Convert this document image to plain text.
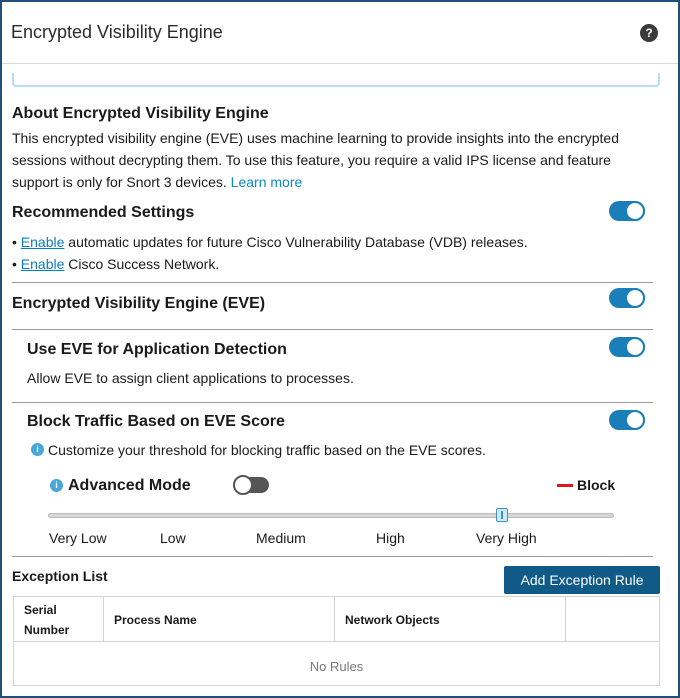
Encrypted Visibility Engine	?
About Encrypted Visibility Engine
This encrypted visibility engine (EVE) uses machine learning to provide insights into the encrypted
sessions without decrypting them. To use this feature, you require a valid IPS license and feature
support is only for Snort 3 devices. Learn more
Recommended Settings
• Enable automatic updates for future Cisco Vulnerability Database (VDB) releases.
• Enable Cisco Success Network.
Encrypted Visibility Engine (EVE)
Use EVE for Application Detection
Allow EVE to assign client applications to processes.
Block Traffic Based on EVE Score
i Customize your threshold for blocking traffic based on the EVE scores.
i Advanced Mode	Block
Very Low	Low	Medium	High	Very High
Exception List	Add Exception Rule
Serial
Number
Process Name	Network Objects
No Rules
